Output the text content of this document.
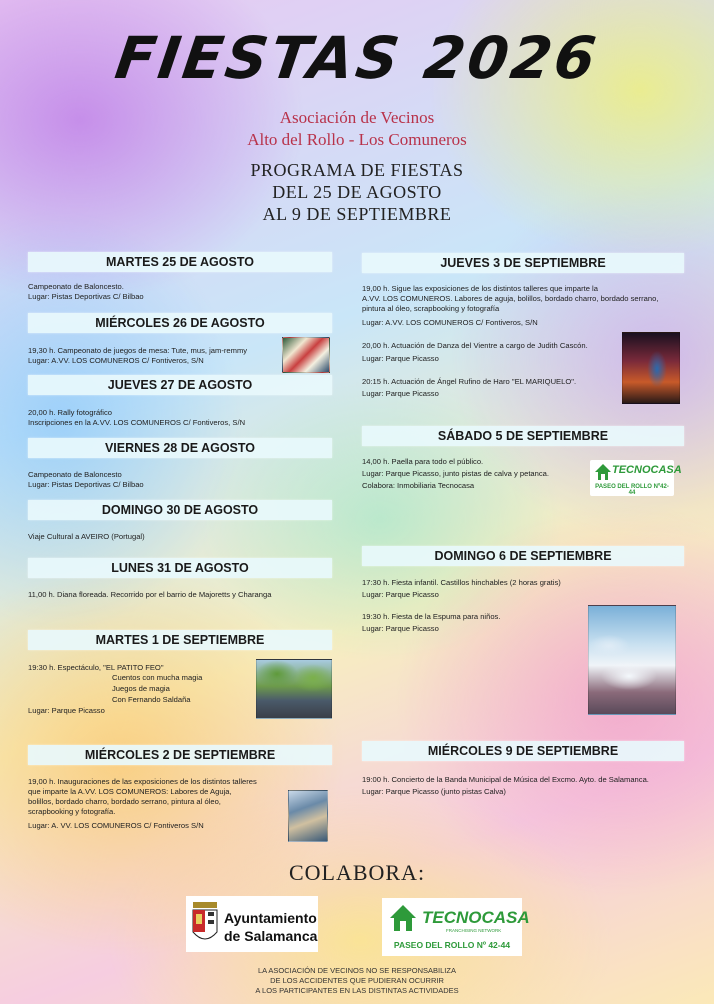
FIESTAS 2026
Asociación de Vecinos
Alto del Rollo - Los Comuneros
PROGRAMA DE FIESTAS
DEL 25 DE AGOSTO
AL 9 DE SEPTIEMBRE
MARTES 25 DE AGOSTO
Campeonato de Baloncesto.
Lugar: Pistas Deportivas C/ Bilbao
MIÉRCOLES 26 DE AGOSTO
19,30 h. Campeonato de juegos de mesa: Tute, mus, jam-remmy
Lugar: A.VV. LOS COMUNEROS C/ Fontiveros, S/N
JUEVES 27 DE AGOSTO
20,00 h. Rally fotográfico
Inscripciones en la A.VV. LOS COMUNEROS C/ Fontiveros, S/N
VIERNES 28 DE AGOSTO
Campeonato de Baloncesto
Lugar: Pistas Deportivas C/ Bilbao
DOMINGO 30 DE AGOSTO
Viaje Cultural a AVEIRO (Portugal)
LUNES 31 DE AGOSTO
11,00 h. Diana floreada. Recorrido por el barrio de Majoretts y Charanga
MARTES 1 DE SEPTIEMBRE
19:30 h. Espectáculo, "EL PATITO FEO"
Cuentos con mucha magia
Juegos de magia
Con Fernando Saldaña
Lugar: Parque Picasso
MIÉRCOLES 2 DE SEPTIEMBRE
19,00 h. Inauguraciones de las exposiciones de los distintos talleres
que imparte la A.VV. LOS COMUNEROS: Labores de Aguja,
bolillos, bordado charro, bordado serrano, pintura al óleo,
scrapbooking y fotografía.
Lugar: A. VV. LOS COMUNEROS C/ Fontiveros S/N
JUEVES 3 DE SEPTIEMBRE
19,00 h. Sigue las exposiciones de los distintos talleres que imparte la
A.VV. LOS COMUNEROS. Labores de aguja, bolillos, bordado charro, bordado serrano,
pintura al óleo, scrapbooking y fotografía
Lugar: A.VV. LOS COMUNEROS C/ Fontiveros, S/N
20,00 h. Actuación de Danza del Vientre a cargo de Judith Cascón.
Lugar: Parque Picasso
20:15 h. Actuación de Ángel Rufino de Haro "EL MARIQUELO".
Lugar: Parque Picasso
SÁBADO 5 DE SEPTIEMBRE
14,00 h. Paella para todo el público.
Lugar: Parque Picasso, junto pistas de calva y petanca.
Colabora: Inmobiliaria Tecnocasa
TECNOCASA
PASEO DEL ROLLO Nº42-44
DOMINGO 6 DE SEPTIEMBRE
17:30 h. Fiesta infantil. Castillos hinchables (2 horas gratis)
Lugar: Parque Picasso
19:30 h. Fiesta de la Espuma para niños.
Lugar: Parque Picasso
MIÉRCOLES 9 DE SEPTIEMBRE
19:00 h. Concierto de la Banda Municipal de Música del Excmo. Ayto. de Salamanca.
Lugar: Parque Picasso (junto pistas Calva)
COLABORA:
Ayuntamiento
de Salamanca
TECNOCASA
FRANCHISING NETWORK
PASEO DEL ROLLO Nº 42-44
LA ASOCIACIÓN DE VECINOS NO SE RESPONSABILIZA
DE LOS ACCIDENTES QUE PUDIERAN OCURRIR
A LOS PARTICIPANTES EN LAS DISTINTAS ACTIVIDADES
